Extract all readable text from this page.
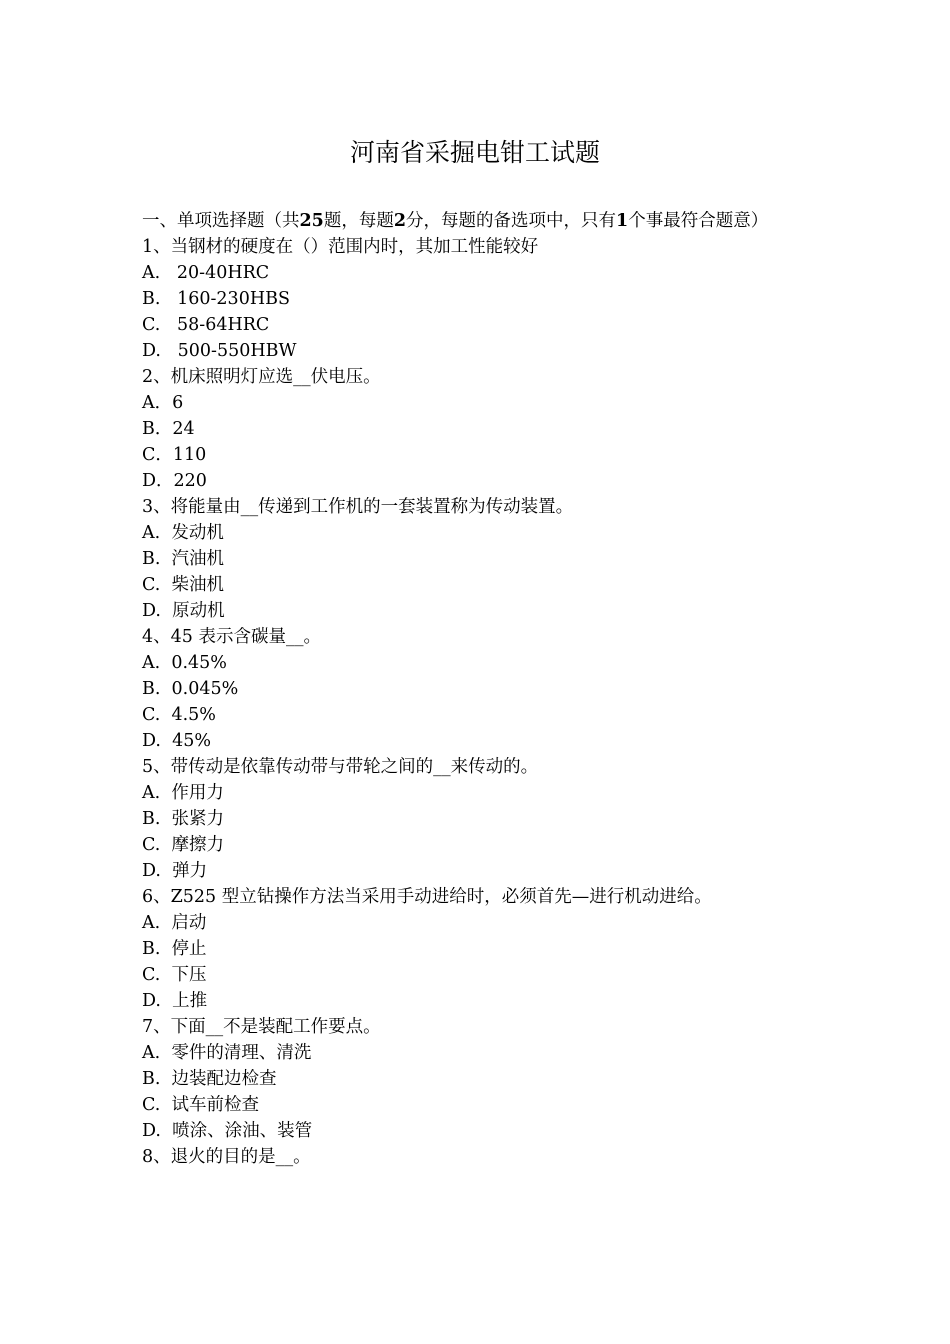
河南省采掘电钳工试题
一、单项选择题（共25题，每题2分，每题的备选项中，只有1个事最符合题意）
1、当钢材的硬度在（）范围内时，其加工性能较好
A.   20-40HRC
B.   160-230HBS
C.   58-64HRC
D.   500-550HBW
2、机床照明灯应选__伏电压。
A．6
B．24
C．110
D．220
3、将能量由__传递到工作机的一套装置称为传动装置。
A.  发动机
B.  汽油机
C.  柴油机
D.  原动机
4、45 表示含碳量__。
A.  0.45%
B.  0.045%
C.  4.5%
D.  45%
5、带传动是依靠传动带与带轮之间的__来传动的。
A.  作用力
B.  张紧力
C.  摩擦力
D.  弹力
6、Z525 型立钻操作方法当采用手动进给时，必须首先—进行机动进给。
A.  启动
B.  停止
C.  下压
D.  上推
7、下面__不是装配工作要点。
A.  零件的清理、清洗
B.  边装配边检查
C.  试车前检查
D.  喷涂、涂油、装管
8、退火的目的是__。
